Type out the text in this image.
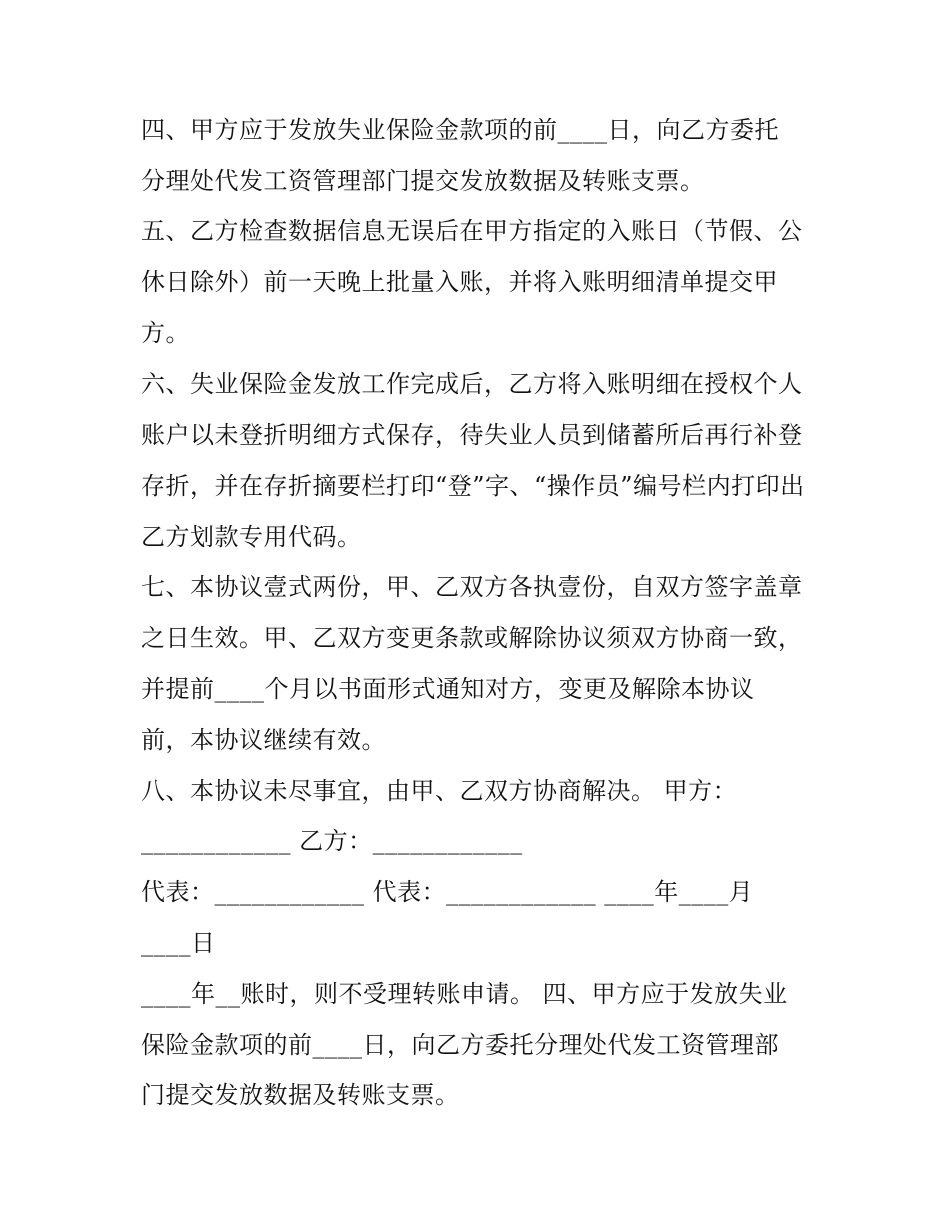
四、甲方应于发放失业保险金款项的前____日，向乙方委托

分理处代发工资管理部门提交发放数据及转账支票。

五、乙方检查数据信息无误后在甲方指定的入账日（节假、公

休日除外）前一天晚上批量入账，并将入账明细清单提交甲

方。

六、失业保险金发放工作完成后，乙方将入账明细在授权个人

账户以未登折明细方式保存，待失业人员到储蓄所后再行补登

存折，并在存折摘要栏打印“登”字、“操作员”编号栏内打印出

乙方划款专用代码。

七、本协议壹式两份，甲、乙双方各执壹份，自双方签字盖章

之日生效。甲、乙双方变更条款或解除协议须双方协商一致，

并提前____个月以书面形式通知对方，变更及解除本协议

前，本协议继续有效。

八、本协议未尽事宜，由甲、乙双方协商解决。 甲方：

____________ 乙方：____________

代表：____________ 代表：____________ ____年____月

____日

____年__账时，则不受理转账申请。 四、甲方应于发放失业

保险金款项的前____日，向乙方委托分理处代发工资管理部

门提交发放数据及转账支票。
